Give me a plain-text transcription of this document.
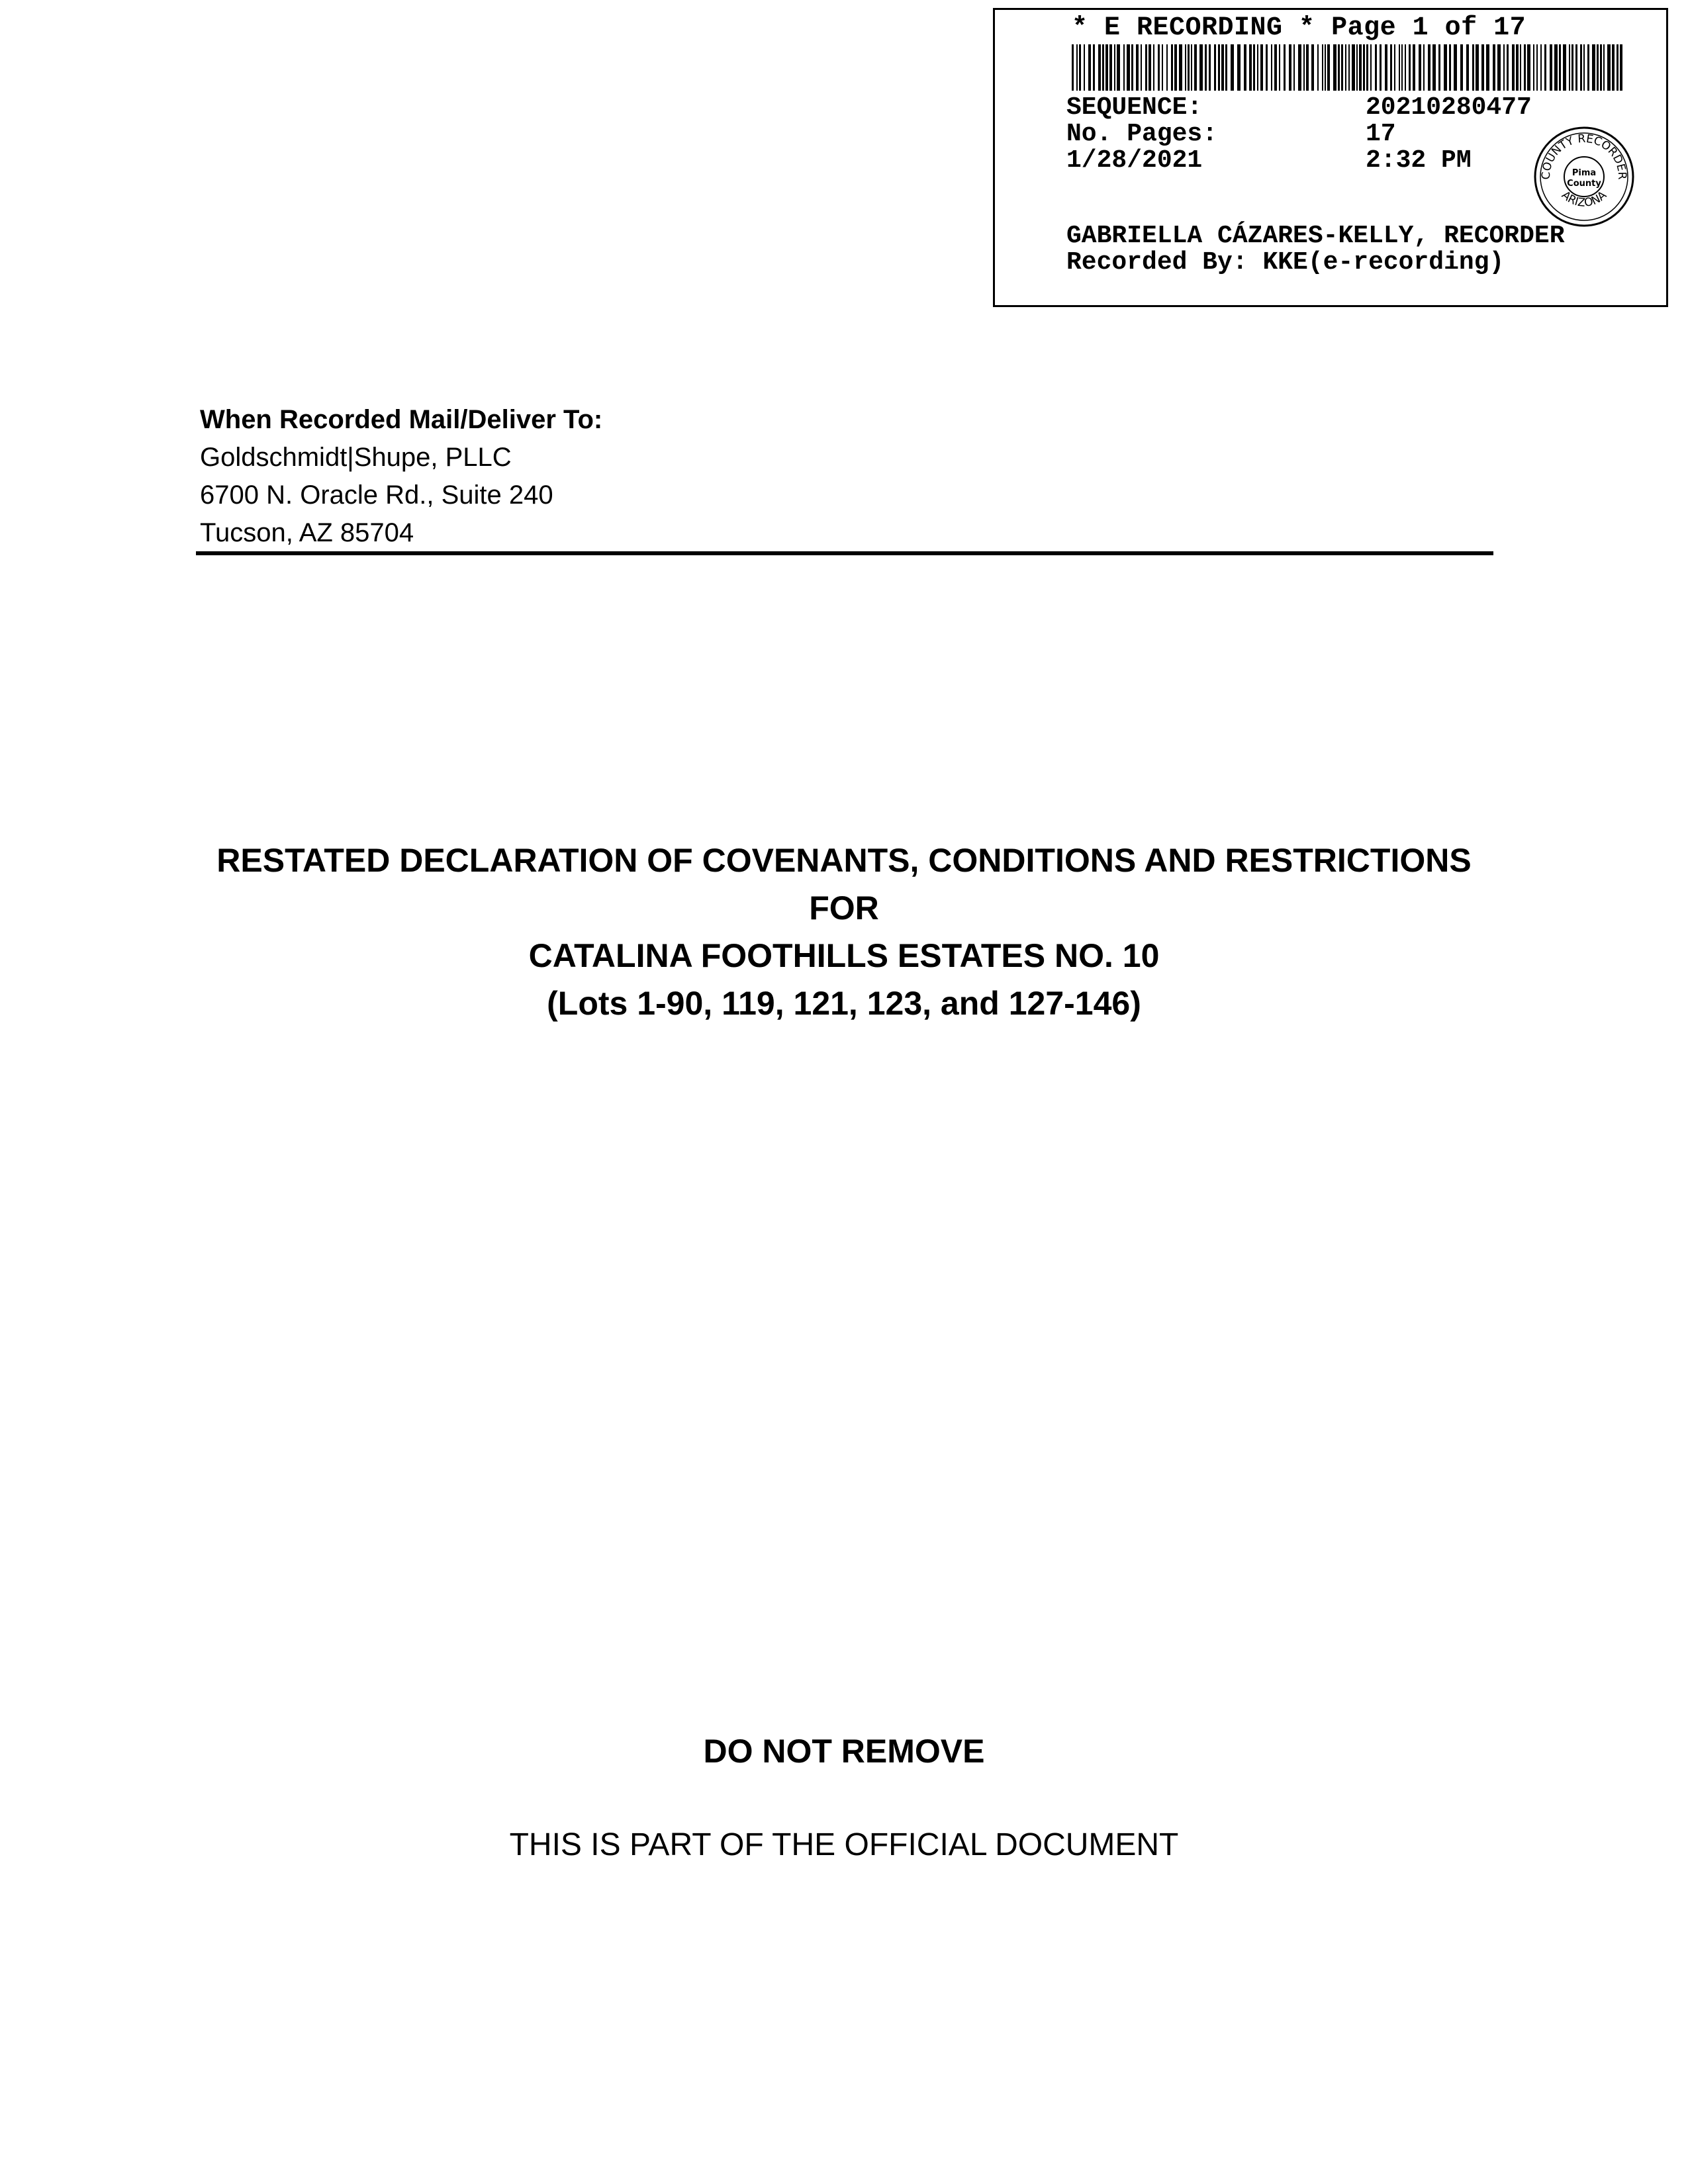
* E RECORDING * Page 1 of 17
SEQUENCE:	20210280477
No. Pages:	17
1/28/2021	2:32 PM
COUNTY RECORDER
ARIZONA
Pima
County
GABRIELLA CÁZARES-KELLY, RECORDER
Recorded By: KKE(e-recording)
When Recorded Mail/Deliver To:
Goldschmidt|Shupe, PLLC
6700 N. Oracle Rd., Suite 240
Tucson, AZ 85704
RESTATED DECLARATION OF COVENANTS, CONDITIONS AND RESTRICTIONS
FOR
CATALINA FOOTHILLS ESTATES NO. 10
(Lots 1-90, 119, 121, 123, and 127-146)
DO NOT REMOVE
THIS IS PART OF THE OFFICIAL DOCUMENT
